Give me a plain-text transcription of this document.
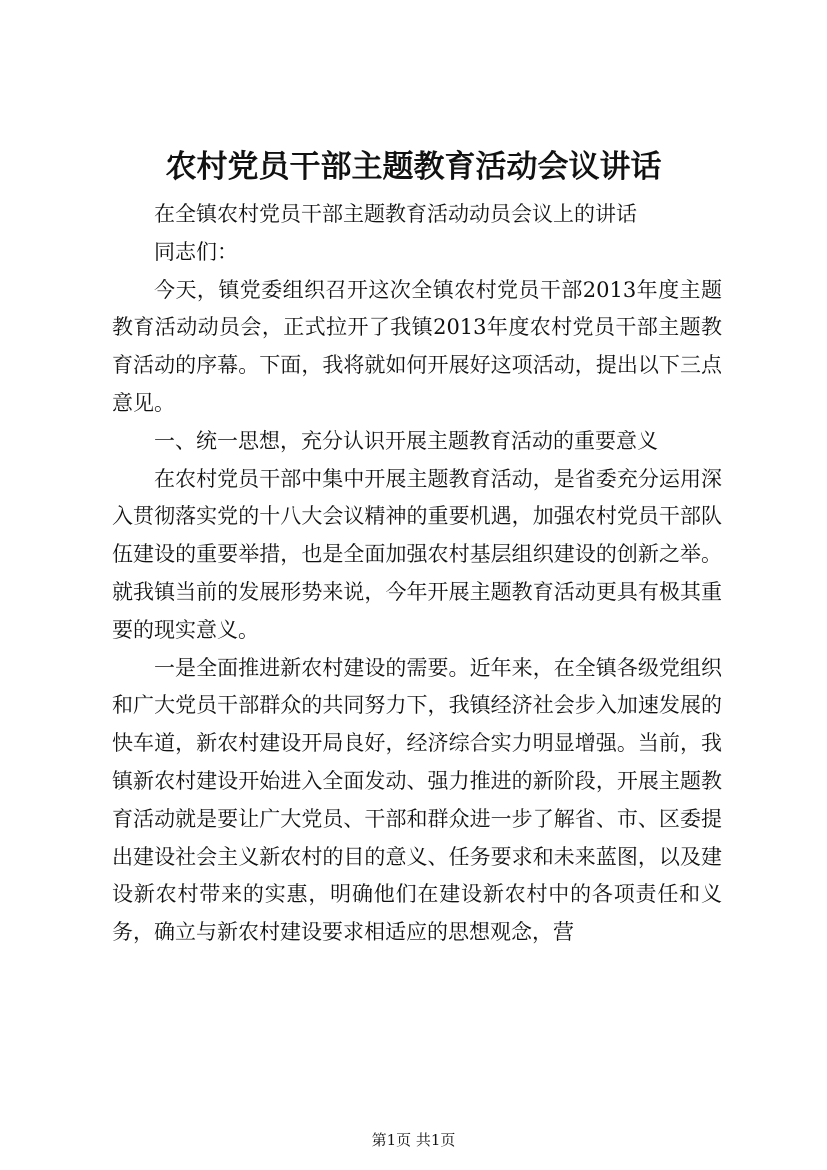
农村党员干部主题教育活动会议讲话

在全镇农村党员干部主题教育活动动员会议上的讲话

同志们：

今天，镇党委组织召开这次全镇农村党员干部2013年度主题教育活动动员会，正式拉开了我镇2013年度农村党员干部主题教育活动的序幕。下面，我将就如何开展好这项活动，提出以下三点意见。

一、统一思想，充分认识开展主题教育活动的重要意义

在农村党员干部中集中开展主题教育活动，是省委充分运用深入贯彻落实党的十八大会议精神的重要机遇，加强农村党员干部队伍建设的重要举措，也是全面加强农村基层组织建设的创新之举。就我镇当前的发展形势来说，今年开展主题教育活动更具有极其重要的现实意义。

一是全面推进新农村建设的需要。近年来，在全镇各级党组织和广大党员干部群众的共同努力下，我镇经济社会步入加速发展的快车道，新农村建设开局良好，经济综合实力明显增强。当前，我镇新农村建设开始进入全面发动、强力推进的新阶段，开展主题教育活动就是要让广大党员、干部和群众进一步了解省、市、区委提出建设社会主义新农村的目的意义、任务要求和未来蓝图，以及建设新农村带来的实惠，明确他们在建设新农村中的各项责任和义务，确立与新农村建设要求相适应的思想观念，营

第1页 共1页
